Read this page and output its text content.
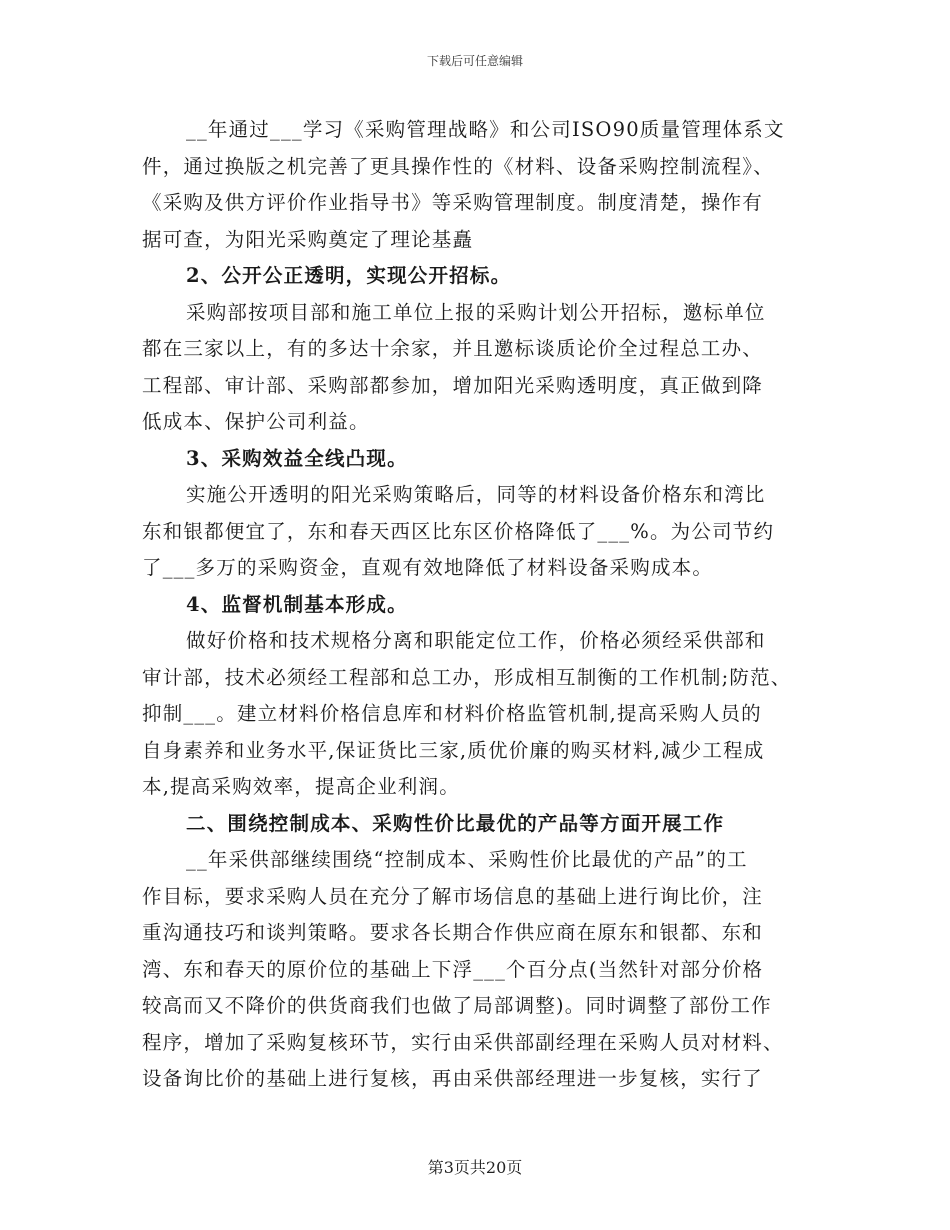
下载后可任意编辑
__年通过___学习《采购管理战略》和公司ISO90质量管理体系文
件，通过换版之机完善了更具操作性的《材料、设备采购控制流程》、
《采购及供方评价作业指导书》等采购管理制度。制度清楚，操作有
据可查，为阳光采购奠定了理论基矗
2、公开公正透明，实现公开招标。
采购部按项目部和施工单位上报的采购计划公开招标，邀标单位
都在三家以上，有的多达十余家，并且邀标谈质论价全过程总工办、
工程部、审计部、采购部都参加，增加阳光采购透明度，真正做到降
低成本、保护公司利益。
3、采购效益全线凸现。
实施公开透明的阳光采购策略后，同等的材料设备价格东和湾比
东和银都便宜了，东和春天西区比东区价格降低了___%。为公司节约
了___多万的采购资金，直观有效地降低了材料设备采购成本。
4、监督机制基本形成。
做好价格和技术规格分离和职能定位工作，价格必须经采供部和
审计部，技术必须经工程部和总工办，形成相互制衡的工作机制;防范、
抑制___。建立材料价格信息库和材料价格监管机制,提高采购人员的
自身素养和业务水平,保证货比三家,质优价廉的购买材料,减少工程成
本,提高采购效率，提高企业利润。
二、围绕控制成本、采购性价比最优的产品等方面开展工作
__年采供部继续围绕“控制成本、采购性价比最优的产品”的工
作目标，要求采购人员在充分了解市场信息的基础上进行询比价，注
重沟通技巧和谈判策略。要求各长期合作供应商在原东和银都、东和
湾、东和春天的原价位的基础上下浮___个百分点(当然针对部分价格
较高而又不降价的供货商我们也做了局部调整)。同时调整了部份工作
程序，增加了采购复核环节，实行由采供部副经理在采购人员对材料、
设备询比价的基础上进行复核，再由采供部经理进一步复核，实行了
第3页共20页
